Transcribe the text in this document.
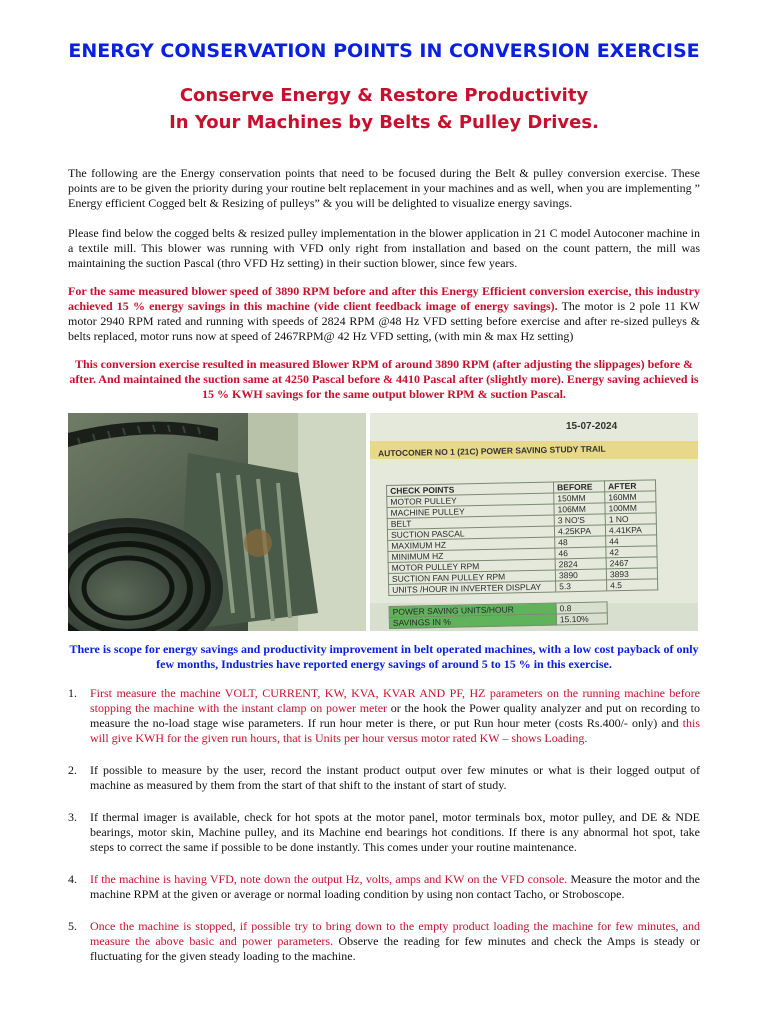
ENERGY CONSERVATION POINTS IN CONVERSION EXERCISE

Conserve Energy & Restore Productivity

In Your Machines by Belts & Pulley Drives.

The following are the Energy conservation points that need to be focused during the Belt & pulley conversion exercise. These points are to be given the priority during your routine belt replacement in your machines and as well, when you are implementing ” Energy efficient Cogged belt & Resizing of pulleys” & you will be delighted to visualize energy savings.

Please find below the cogged belts & resized pulley implementation in the blower application in 21 C model Autoconer machine in a textile mill. This blower was running with VFD only right from installation and based on the count pattern, the mill was maintaining the suction Pascal (thro VFD Hz setting) in their suction blower, since few years.

For the same measured blower speed of 3890 RPM before and after this Energy Efficient conversion exercise, this industry achieved 15 % energy savings in this machine (vide client feedback image of energy savings). The motor is 2 pole 11 KW motor 2940 RPM rated and running with speeds of 2824 RPM @48 Hz VFD setting before exercise and after re-sized pulleys & belts replaced, motor runs now at speed of 2467RPM@ 42 Hz VFD setting, (with min & max Hz setting)

This conversion exercise resulted in measured Blower RPM of around 3890 RPM (after adjusting the slippages) before & after. And maintained the suction same at 4250 Pascal before & 4410 Pascal after (slightly more). Energy saving achieved is 15 % KWH savings for the same output blower RPM & suction Pascal.

15-07-2024
AUTOCONER NO 1 (21C) POWER SAVING STUDY TRAIL
CHECK POINTS	BEFORE	AFTER
MOTOR PULLEY	150MM	160MM
MACHINE PULLEY	106MM	100MM
BELT	3 NO'S	1 NO
SUCTION PASCAL	4.25KPA	4.41KPA
MAXIMUM HZ	48	44
MINIMUM HZ	46	42
MOTOR PULLEY RPM	2824	2467
SUCTION FAN PULLEY RPM	3890	3893
UNITS /HOUR IN INVERTER DISPLAY	5.3	4.5

POWER SAVING UNITS/HOUR	0.8	
SAVINGS IN %	15.10%	

There is scope for energy savings and productivity improvement in belt operated machines, with a low cost payback of only few months, Industries have reported energy savings of around 5 to 15 % in this exercise.

1. First measure the machine VOLT, CURRENT, KW, KVA, KVAR AND PF, HZ parameters on the running machine before stopping the machine with the instant clamp on power meter or the hook the Power quality analyzer and put on recording to measure the no-load stage wise parameters. If run hour meter is there, or put Run hour meter (costs Rs.400/- only) and this will give KWH for the given run hours, that is Units per hour versus motor rated KW – shows Loading.
2. If possible to measure by the user, record the instant product output over few minutes or what is their logged output of machine as measured by them from the start of that shift to the instant of start of study.
3. If thermal imager is available, check for hot spots at the motor panel, motor terminals box, motor pulley, and DE & NDE bearings, motor skin, Machine pulley, and its Machine end bearings hot conditions. If there is any abnormal hot spot, take steps to correct the same if possible to be done instantly. This comes under your routine maintenance.
4. If the machine is having VFD, note down the output Hz, volts, amps and KW on the VFD console. Measure the motor and the machine RPM at the given or average or normal loading condition by using non contact Tacho, or Stroboscope.
5. Once the machine is stopped, if possible try to bring down to the empty product loading the machine for few minutes, and measure the above basic and power parameters. Observe the reading for few minutes and check the Amps is steady or fluctuating for the given steady loading to the machine.
